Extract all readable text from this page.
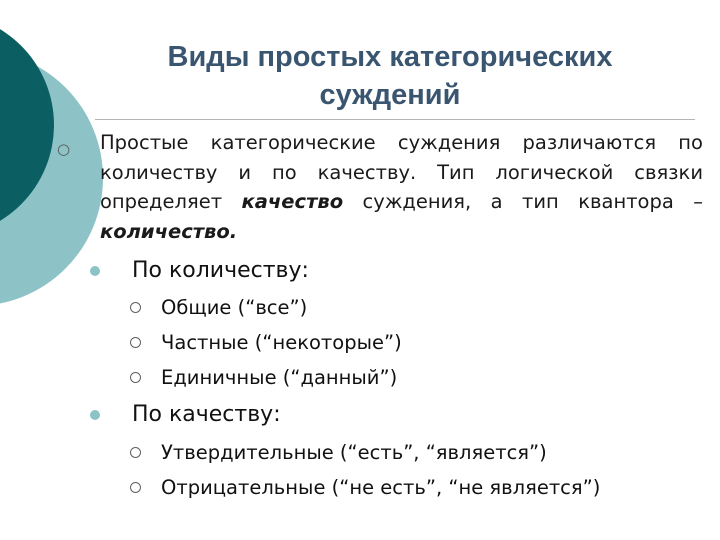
Виды простых категорических
суждений
○ Простые категорические суждения различаются по количеству и по качеству. Тип логической связки определяет качество суждения, а тип квантора – количество.

По количеству:
Общие (“все”)
Частные (“некоторые”)
Единичные (“данный”)
По качеству:
Утвердительные (“есть”, “является”)
Отрицательные (“не есть”, “не является”)
